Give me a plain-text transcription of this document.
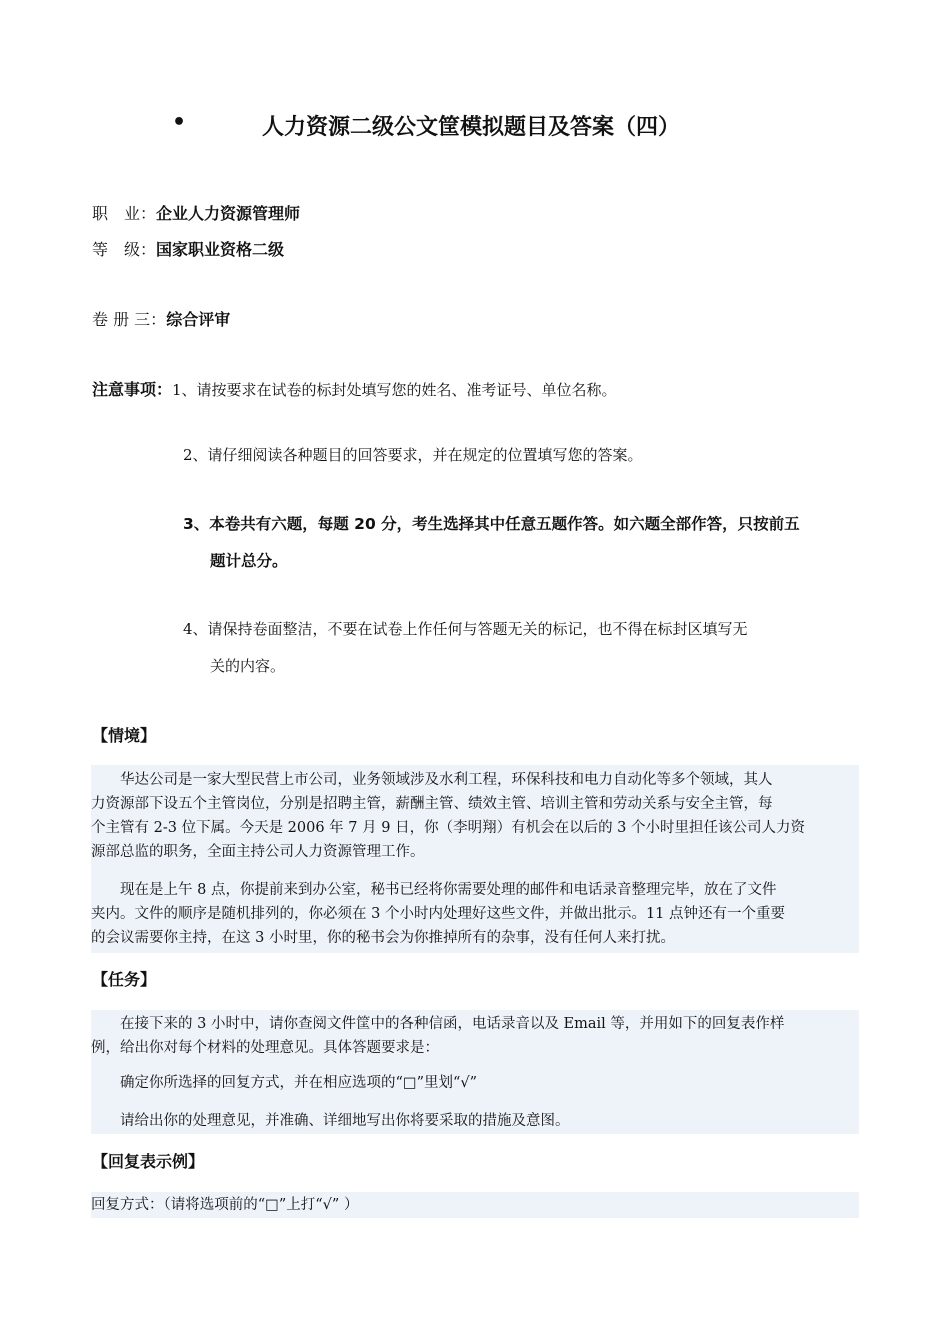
•	人力资源二级公文筐模拟题目及答案（四）
职　业：企业人力资源管理师
等　级：国家职业资格二级
卷 册 三：综合评审
注意事项：1、请按要求在试卷的标封处填写您的姓名、准考证号、单位名称。
2、请仔细阅读各种题目的回答要求，并在规定的位置填写您的答案。
3、本卷共有六题，每题 20 分，考生选择其中任意五题作答。如六题全部作答，只按前五
题计总分。
4、请保持卷面整洁，不要在试卷上作任何与答题无关的标记，也不得在标封区填写无
关的内容。
【情境】
　　华达公司是一家大型民营上市公司，业务领域涉及水利工程，环保科技和电力自动化等多个领域，其人
力资源部下设五个主管岗位，分别是招聘主管，薪酬主管、绩效主管、培训主管和劳动关系与安全主管，每
个主管有 2-3 位下属。今天是 2006 年 7 月 9 日，你（李明翔）有机会在以后的 3 个小时里担任该公司人力资
源部总监的职务，全面主持公司人力资源管理工作。
　　现在是上午 8 点，你提前来到办公室，秘书已经将你需要处理的邮件和电话录音整理完毕，放在了文件
夹内。文件的顺序是随机排列的，你必须在 3 个小时内处理好这些文件，并做出批示。11 点钟还有一个重要
的会议需要你主持，在这 3 小时里，你的秘书会为你推掉所有的杂事，没有任何人来打扰。
【任务】
　　在接下来的 3 小时中，请你查阅文件筐中的各种信函，电话录音以及 Email 等，并用如下的回复表作样
例，给出你对每个材料的处理意见。具体答题要求是：
　　确定你所选择的回复方式，并在相应选项的“□”里划“√”
　　请给出你的处理意见，并准确、详细地写出你将要采取的措施及意图。
【回复表示例】
回复方式：（请将选项前的“□”上打“√” ）
